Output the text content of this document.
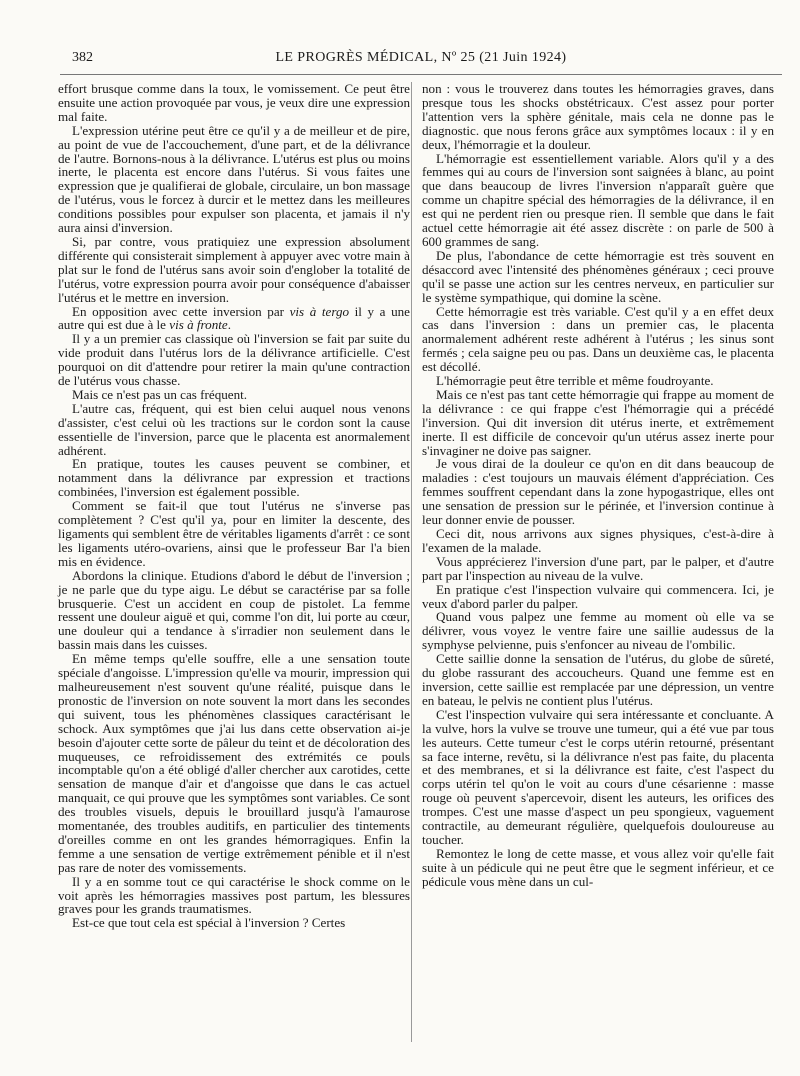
382	LE PROGRÈS MÉDICAL, Nº 25 (21 Juin 1924)

effort brusque comme dans la toux, le vomissement. Ce peut être ensuite une action provoquée par vous, je veux dire une expression mal faite.

L'expression utérine peut être ce qu'il y a de meilleur et de pire, au point de vue de l'accouchement, d'une part, et de la délivrance de l'autre. Bornons-nous à la délivrance. L'utérus est plus ou moins inerte, le placenta est encore dans l'utérus. Si vous faites une expression que je qualifierai de globale, circulaire, un bon massage de l'utérus, vous le forcez à durcir et le mettez dans les meilleures conditions possibles pour expulser son placenta, et jamais il n'y aura ainsi d'inversion.

Si, par contre, vous pratiquiez une expression absolument différente qui consisterait simplement à appuyer avec votre main à plat sur le fond de l'utérus sans avoir soin d'englober la totalité de l'utérus, votre expression pourra avoir pour conséquence d'abaisser l'utérus et le mettre en inversion.

En opposition avec cette inversion par vis à tergo il y a une autre qui est due à le vis à fronte.

Il y a un premier cas classique où l'inversion se fait par suite du vide produit dans l'utérus lors de la délivrance artificielle. C'est pourquoi on dit d'attendre pour retirer la main qu'une contraction de l'utérus vous chasse.

Mais ce n'est pas un cas fréquent.

L'autre cas, fréquent, qui est bien celui auquel nous venons d'assister, c'est celui où les tractions sur le cordon sont la cause essentielle de l'inversion, parce que le placenta est anormalement adhérent.

En pratique, toutes les causes peuvent se combiner, et notamment dans la délivrance par expression et tractions combinées, l'inversion est également possible.

Comment se fait-il que tout l'utérus ne s'inverse pas complètement ? C'est qu'il ya, pour en limiter la descente, des ligaments qui semblent être de véritables ligaments d'arrêt : ce sont les ligaments utéro-ovariens, ainsi que le professeur Bar l'a bien mis en évidence.

Abordons la clinique. Etudions d'abord le début de l'inversion ; je ne parle que du type aigu. Le début se caractérise par sa folle brusquerie. C'est un accident en coup de pistolet. La femme ressent une douleur aiguë et qui, comme l'on dit, lui porte au cœur, une douleur qui a tendance à s'irradier non seulement dans le bassin mais dans les cuisses.

En même temps qu'elle souffre, elle a une sensation toute spéciale d'angoisse. L'impression qu'elle va mourir, impression qui malheureusement n'est souvent qu'une réalité, puisque dans le pronostic de l'inversion on note souvent la mort dans les secondes qui suivent, tous les phénomènes classiques caractérisant le schock. Aux symptômes que j'ai lus dans cette observation ai-je besoin d'ajouter cette sorte de pâleur du teint et de décoloration des muqueuses, ce refroidissement des extrémités ce pouls incomptable qu'on a été obligé d'aller chercher aux carotides, cette sensation de manque d'air et d'angoisse que dans le cas actuel manquait, ce qui prouve que les symptômes sont variables. Ce sont des troubles visuels, depuis le brouillard jusqu'à l'amaurose momentanée, des troubles auditifs, en particulier des tintements d'oreilles comme en ont les grandes hémorragiques. Enfin la femme a une sensation de vertige extrêmement pénible et il n'est pas rare de noter des vomissements.

Il y a en somme tout ce qui caractérise le shock comme on le voit après les hémorragies massives post partum, les blessures graves pour les grands traumatismes.

Est-ce que tout cela est spécial à l'inversion ? Certes

non : vous le trouverez dans toutes les hémorragies graves, dans presque tous les shocks obstétricaux. C'est assez pour porter l'attention vers la sphère génitale, mais cela ne donne pas le diagnostic. que nous ferons grâce aux symptômes locaux : il y en deux, l'hémorragie et la douleur.

L'hémorragie est essentiellement variable. Alors qu'il y a des femmes qui au cours de l'inversion sont saignées à blanc, au point que dans beaucoup de livres l'inversion n'apparaît guère que comme un chapitre spécial des hémorragies de la délivrance, il en est qui ne perdent rien ou presque rien. Il semble que dans le fait actuel cette hémorragie ait été assez discrète : on parle de 500 à 600 grammes de sang.

De plus, l'abondance de cette hémorragie est très souvent en désaccord avec l'intensité des phénomènes généraux ; ceci prouve qu'il se passe une action sur les centres nerveux, en particulier sur le système sympathique, qui domine la scène.

Cette hémorragie est très variable. C'est qu'il y a en effet deux cas dans l'inversion : dans un premier cas, le placenta anormalement adhérent reste adhérent à l'utérus ; les sinus sont fermés ; cela saigne peu ou pas. Dans un deuxième cas, le placenta est décollé.

L'hémorragie peut être terrible et même foudroyante.

Mais ce n'est pas tant cette hémorragie qui frappe au moment de la délivrance : ce qui frappe c'est l'hémorragie qui a précédé l'inversion. Qui dit inversion dit utérus inerte, et extrêmement inerte. Il est difficile de concevoir qu'un utérus assez inerte pour s'invaginer ne doive pas saigner.

Je vous dirai de la douleur ce qu'on en dit dans beaucoup de maladies : c'est toujours un mauvais élément d'appréciation. Ces femmes souffrent cependant dans la zone hypogastrique, elles ont une sensation de pression sur le périnée, et l'inversion continue à leur donner envie de pousser.

Ceci dit, nous arrivons aux signes physiques, c'est-à-dire à l'examen de la malade.

Vous apprécierez l'inversion d'une part, par le palper, et d'autre part par l'inspection au niveau de la vulve.

En pratique c'est l'inspection vulvaire qui commencera. Ici, je veux d'abord parler du palper.

Quand vous palpez une femme au moment où elle va se délivrer, vous voyez le ventre faire une saillie audessus de la symphyse pelvienne, puis s'enfoncer au niveau de l'ombilic.

Cette saillie donne la sensation de l'utérus, du globe de sûreté, du globe rassurant des accoucheurs. Quand une femme est en inversion, cette saillie est remplacée par une dépression, un ventre en bateau, le pelvis ne contient plus l'utérus.

C'est l'inspection vulvaire qui sera intéressante et concluante. A la vulve, hors la vulve se trouve une tumeur, qui a été vue par tous les auteurs. Cette tumeur c'est le corps utérin retourné, présentant sa face interne, revêtu, si la délivrance n'est pas faite, du placenta et des membranes, et si la délivrance est faite, c'est l'aspect du corps utérin tel qu'on le voit au cours d'une césarienne : masse rouge où peuvent s'apercevoir, disent les auteurs, les orifices des trompes. C'est une masse d'aspect un peu spongieux, vaguement contractile, au demeurant régulière, quelquefois douloureuse au toucher.

Remontez le long de cette masse, et vous allez voir qu'elle fait suite à un pédicule qui ne peut être que le segment inférieur, et ce pédicule vous mène dans un cul-
